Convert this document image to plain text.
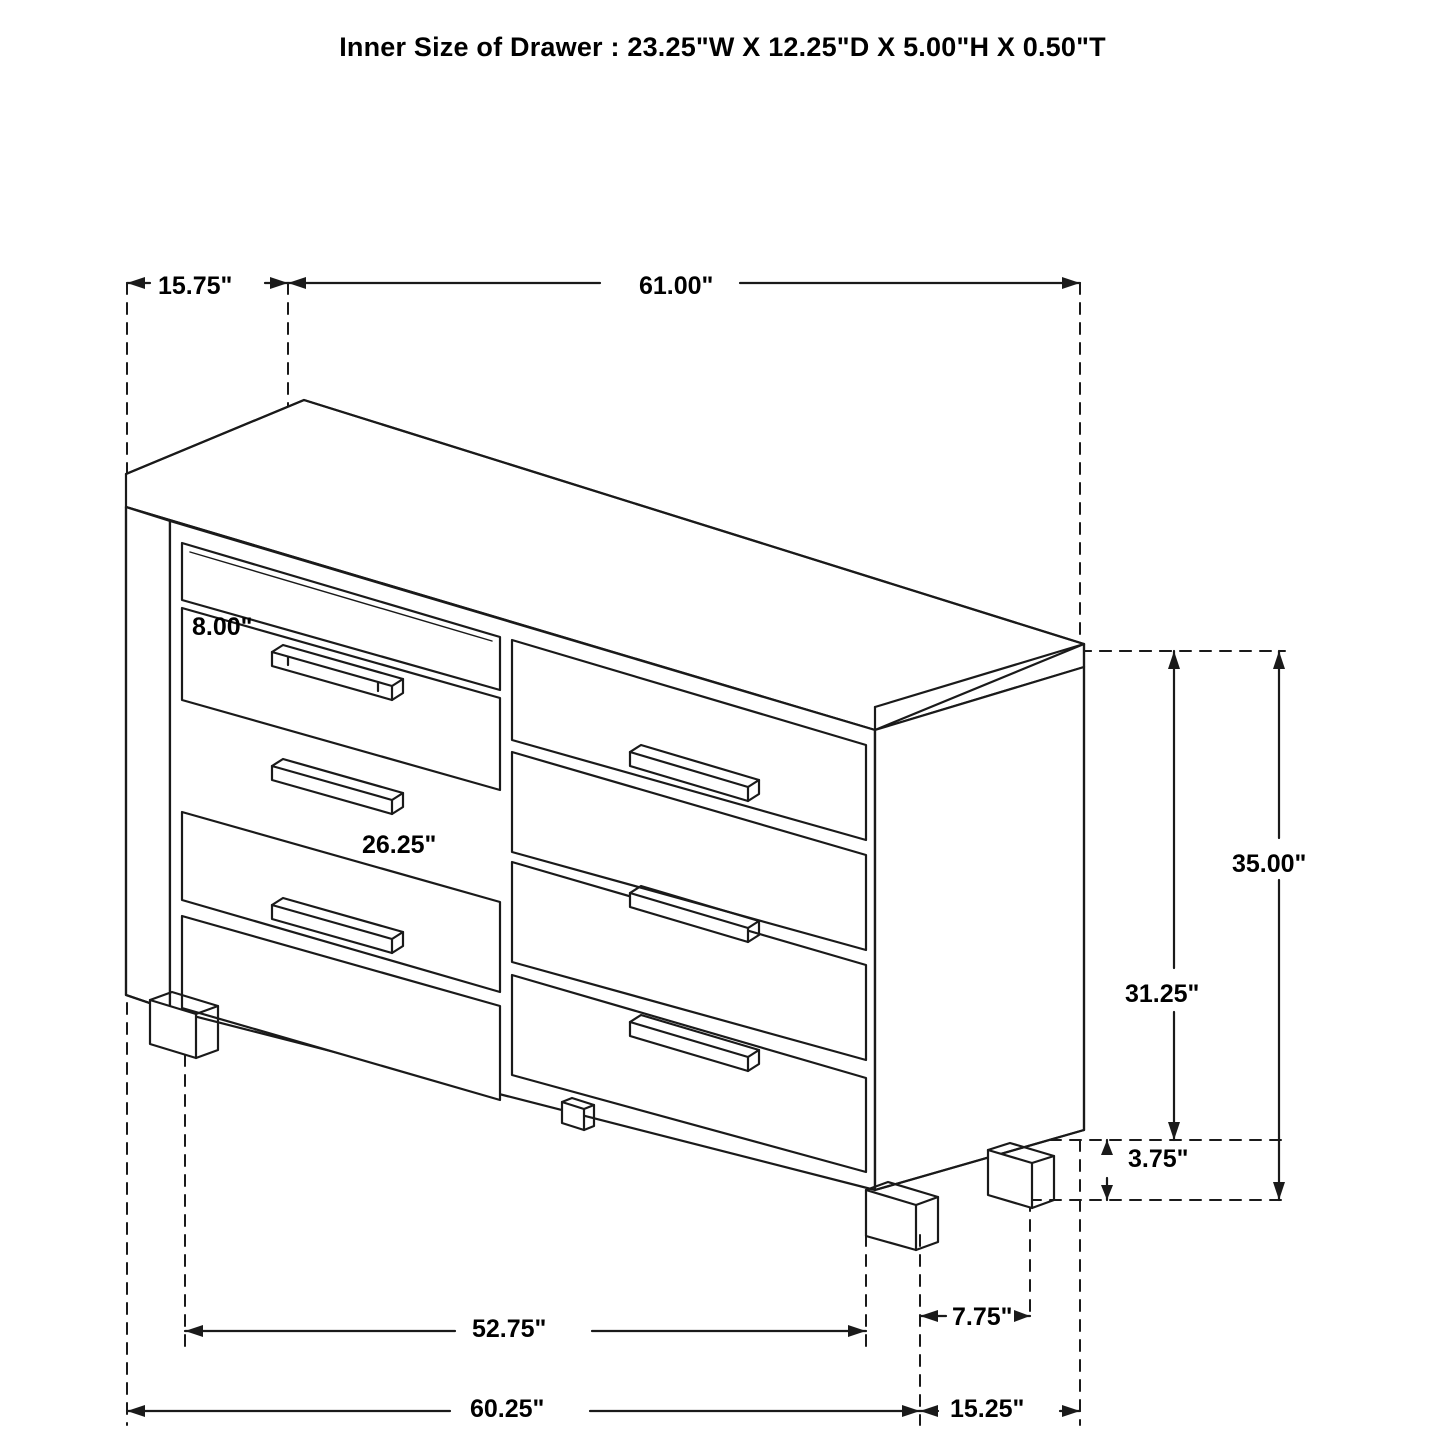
Inner Size of Drawer : 23.25"W X 12.25"D X 5.00"H X 0.50"T
15.75"	61.00"
8.00"
26.25"
35.00"
31.25"
3.75"
52.75"	7.75"
60.25"	15.25"
